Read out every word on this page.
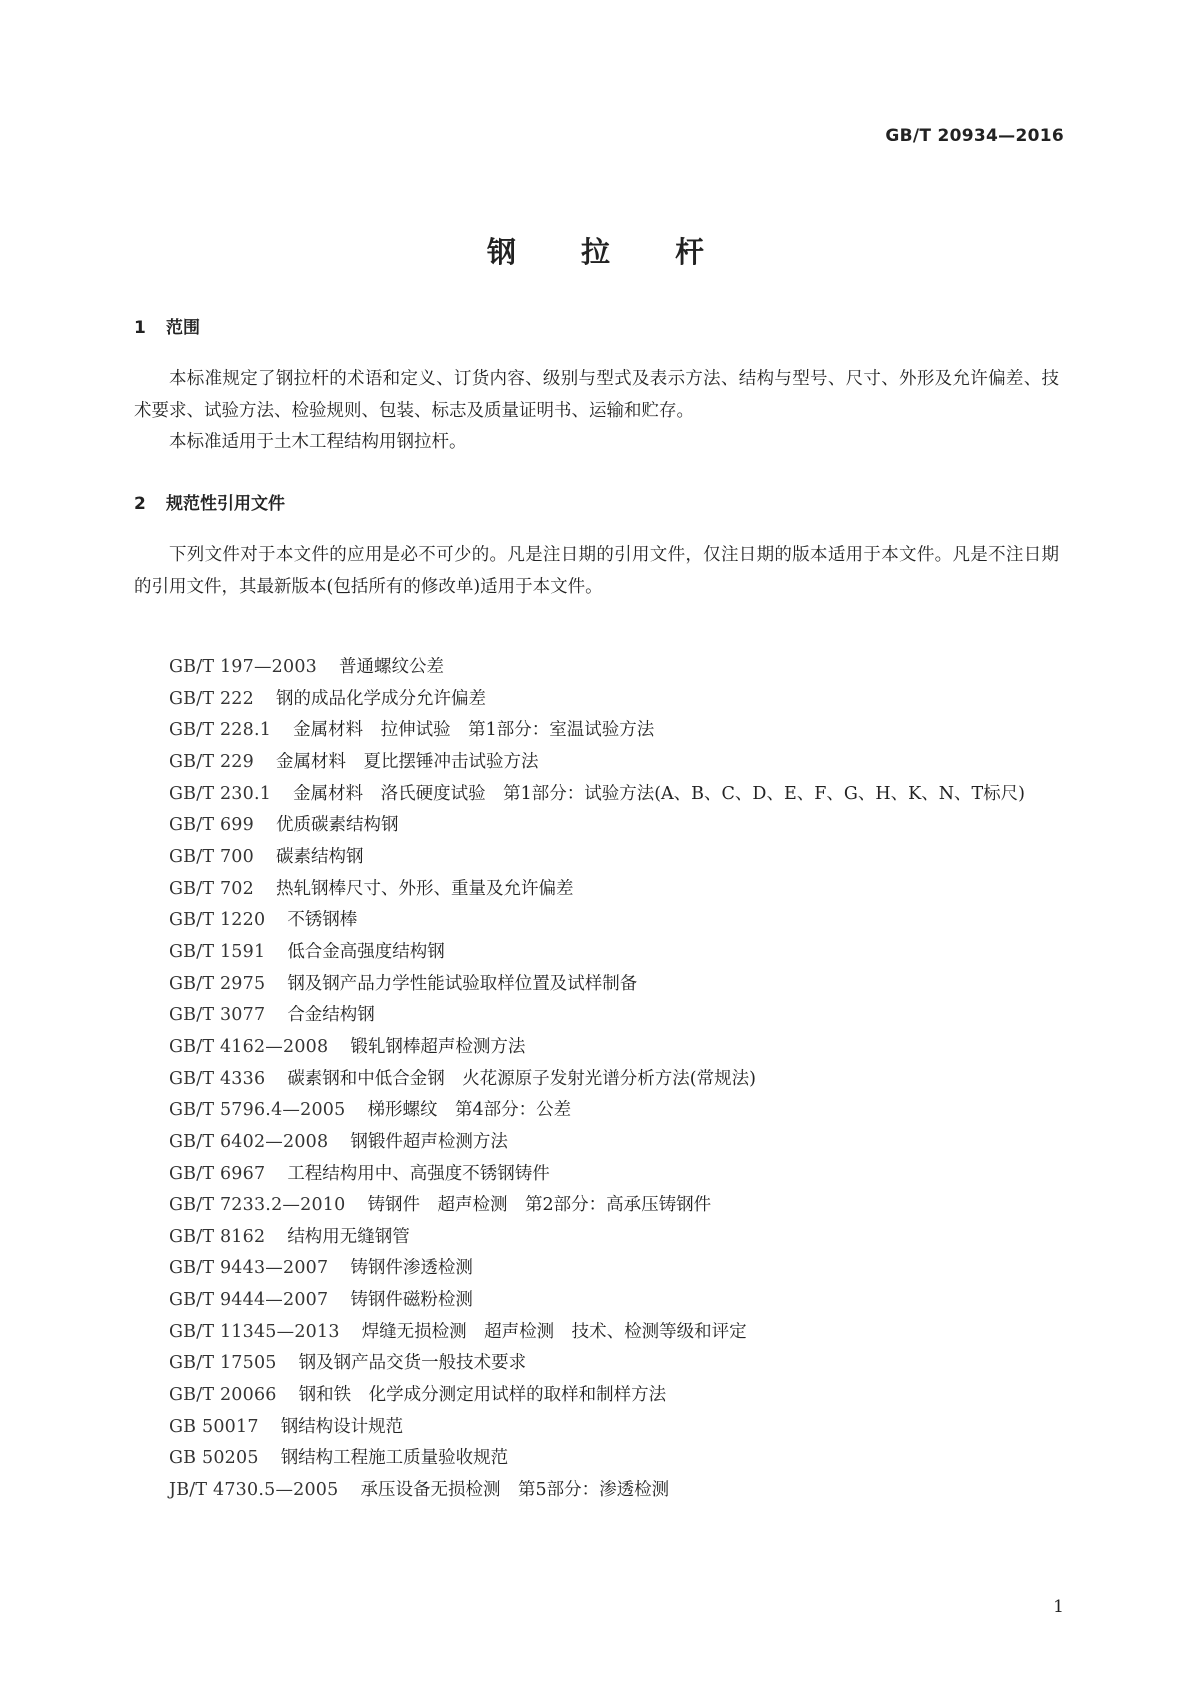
GB/T 20934—2016
钢　拉　杆
1 范围

本标准规定了钢拉杆的术语和定义、订货内容、级别与型式及表示方法、结构与型号、尺寸、外形及允许偏差、技术要求、试验方法、检验规则、包装、标志及质量证明书、运输和贮存。

本标准适用于土木工程结构用钢拉杆。

2 规范性引用文件

下列文件对于本文件的应用是必不可少的。凡是注日期的引用文件，仅注日期的版本适用于本文件。凡是不注日期的引用文件，其最新版本(包括所有的修改单)适用于本文件。

GB/T 197—2003 普通螺纹公差
GB/T 222 钢的成品化学成分允许偏差
GB/T 228.1 金属材料　拉伸试验　第1部分：室温试验方法
GB/T 229 金属材料　夏比摆锤冲击试验方法
GB/T 230.1 金属材料　洛氏硬度试验　第1部分：试验方法(A、B、C、D、E、F、G、H、K、N、T标尺)
GB/T 699 优质碳素结构钢
GB/T 700 碳素结构钢
GB/T 702 热轧钢棒尺寸、外形、重量及允许偏差
GB/T 1220 不锈钢棒
GB/T 1591 低合金高强度结构钢
GB/T 2975 钢及钢产品力学性能试验取样位置及试样制备
GB/T 3077 合金结构钢
GB/T 4162—2008 锻轧钢棒超声检测方法
GB/T 4336 碳素钢和中低合金钢　火花源原子发射光谱分析方法(常规法)
GB/T 5796.4—2005 梯形螺纹　第4部分：公差
GB/T 6402—2008 钢锻件超声检测方法
GB/T 6967 工程结构用中、高强度不锈钢铸件
GB/T 7233.2—2010 铸钢件　超声检测　第2部分：高承压铸钢件
GB/T 8162 结构用无缝钢管
GB/T 9443—2007 铸钢件渗透检测
GB/T 9444—2007 铸钢件磁粉检测
GB/T 11345—2013 焊缝无损检测　超声检测　技术、检测等级和评定
GB/T 17505 钢及钢产品交货一般技术要求
GB/T 20066 钢和铁　化学成分测定用试样的取样和制样方法
GB 50017 钢结构设计规范
GB 50205 钢结构工程施工质量验收规范
JB/T 4730.5—2005 承压设备无损检测　第5部分：渗透检测
1
